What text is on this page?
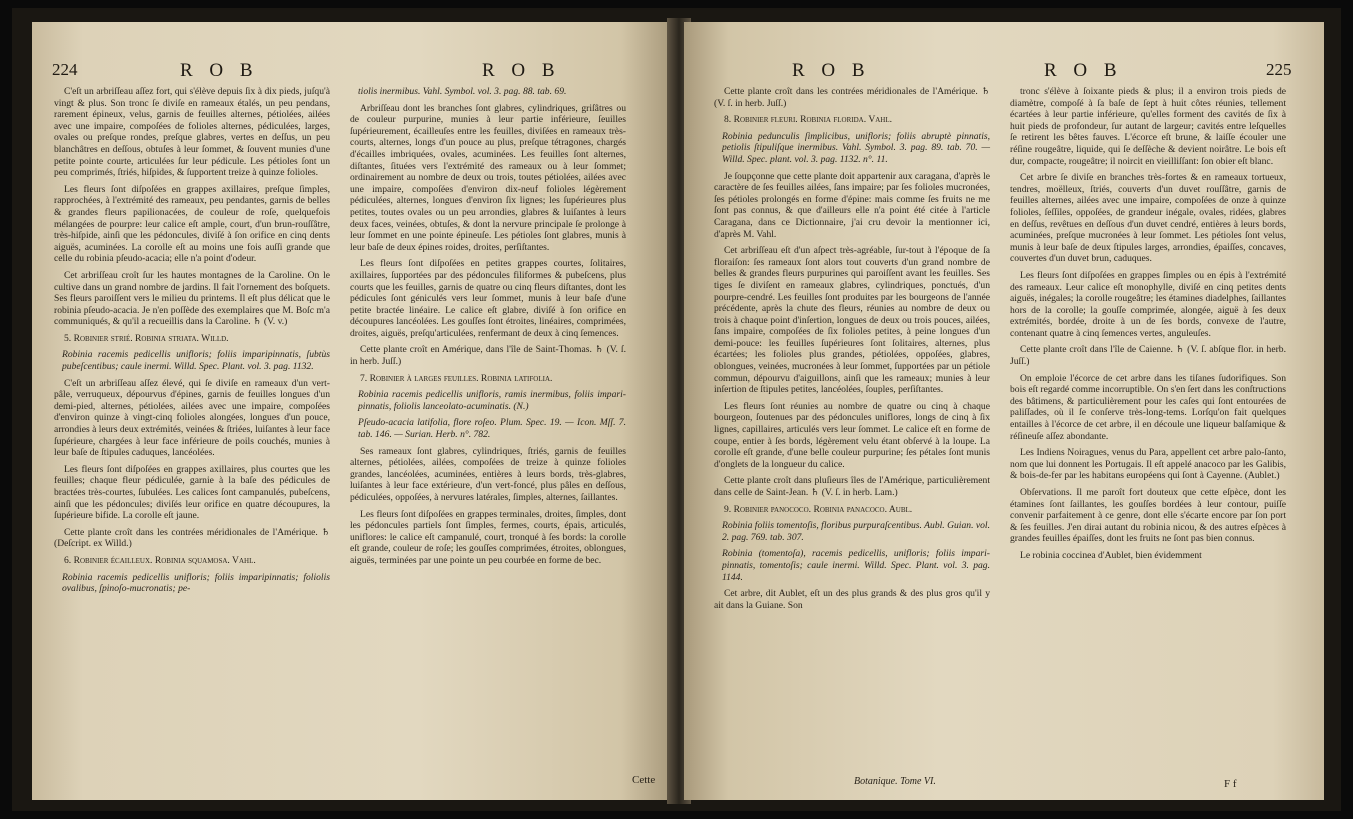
224	R O B	R O B

C'eſt un arbriſſeau aſſez fort, qui s'élève depuis ſix à dix pieds, juſqu'à vingt & plus. Son tronc ſe diviſe en rameaux étalés, un peu pendans, rarement épineux, velus, garnis de feuilles alternes, pétiolées, ailées avec une impaire, compoſées de folioles alternes, pédiculées, larges, ovales ou preſque rondes, preſque glabres, vertes en deſſus, un peu blanchâtres en deſſous, obtuſes à leur ſommet, & ſouvent munies d'une petite pointe courte, articulées ſur leur pédicule. Les pétioles ſont un peu comprimés, ſtriés, hiſpides, & ſupportent treize à quinze folioles.

Les fleurs ſont diſpoſées en grappes axillaires, preſque ſimples, rapprochées, à l'extrémité des rameaux, peu pendantes, garnis de belles & grandes fleurs papilionacées, de couleur de roſe, quelquefois mélangées de pourpre: leur calice eſt ample, court, d'un brun-rouſſâtre, très-hiſpide, ainſi que les pédoncules, diviſé à ſon orifice en cinq dents aiguës, acuminées. La corolle eſt au moins une fois auſſi grande que celle du robinia pſeudo-acacia; elle n'a point d'odeur.

Cet arbriſſeau croît ſur les hautes montagnes de la Caroline. On le cultive dans un grand nombre de jardins. Il fait l'ornement des boſquets. Ses fleurs paroiſſent vers le milieu du printems. Il eſt plus délicat que le robinia pſeudo-acacia. Je n'en poſſède des exemplaires que M. Boſc m'a communiqués, & qu'il a recueillis dans la Caroline. ♄ (V. v.)

5. Robinier ſtrié. Robinia ſtriata. Willd.

Robinia racemis pedicellis unifloris; foliis imparipinnatis, ſubtùs pubeſcentibus; caule inermi. Willd. Spec. Plant. vol. 3. pag. 1132.

C'eſt un arbriſſeau aſſez élevé, qui ſe diviſe en rameaux d'un vert-pâle, verruqueux, dépourvus d'épines, garnis de feuilles longues d'un demi-pied, alternes, pétiolées, ailées avec une impaire, compoſées d'environ quinze à vingt-cinq folioles alongées, longues d'un pouce, arrondies à leurs deux extrémités, veinées & ſtriées, luiſantes à leur face ſupérieure, chargées à leur face inférieure de poils couchés, munies à leur baſe de ſtipules caduques, lancéolées.

Les fleurs ſont diſpoſées en grappes axillaires, plus courtes que les feuilles; chaque fleur pédiculée, garnie à la baſe des pédicules de bractées très-courtes, ſubulées. Les calices ſont campanulés, pubeſcens, ainſi que les pédoncules; diviſés leur orifice en quatre découpures, la ſupérieure bifide. La corolle eſt jaune.

Cette plante croît dans les contrées méridionales de l'Amérique. ♄ (Deſcript. ex Willd.)

6. Robinier écailleux. Robinia ſquamoſa. Vahl.

Robinia racemis pedicellis unifloris; foliis imparipinnatis; foliolis ovalibus, ſpinoſo-mucronatis; pe-

tiolis inermibus. Vahl. Symbol. vol. 3. pag. 88. tab. 69.

Arbriſſeau dont les branches ſont glabres, cylindriques, griſâtres ou de couleur purpurine, munies à leur partie inférieure, ſeuilles ſupérieurement, écailleuſes entre les feuilles, diviſées en rameaux très-courts, alternes, longs d'un pouce au plus, preſque tétragones, chargés d'écailles imbriquées, ovales, acuminées. Les feuilles ſont alternes, diſtantes, ſituées vers l'extrémité des rameaux ou à leur ſommet; ordinairement au nombre de deux ou trois, toutes pétiolées, ailées avec une impaire, compoſées d'environ dix-neuf folioles légèrement pédiculées, alternes, longues d'environ ſix lignes; les ſupérieures plus petites, toutes ovales ou un peu arrondies, glabres & luiſantes à leurs deux faces, veinées, obtuſes, & dont la nervure principale ſe prolonge à leur ſommet en une pointe épineuſe. Les pétioles ſont glabres, munis à leur baſe de deux épines roides, droites, perſiſtantes.

Les fleurs ſont diſpoſées en petites grappes courtes, ſolitaires, axillaires, ſupportées par des pédoncules filiformes & pubeſcens, plus courts que les feuilles, garnis de quatre ou cinq fleurs diſtantes, dont les pédicules ſont géniculés vers leur ſommet, munis à leur baſe d'une petite bractée linéaire. Le calice eſt glabre, diviſé à ſon orifice en découpures lancéolées. Les gouſſes ſont étroites, linéaires, comprimées, droites, aiguës, preſqu'articulées, renfermant de deux à cinq ſemences.

Cette plante croît en Amérique, dans l'île de Saint-Thomas. ♄ (V. ſ. in herb. Juſſ.)

7. Robinier à larges feuilles. Robinia latifolia.

Robinia racemis pedicellis unifloris, ramis inermibus, foliis impari-pinnatis, foliolis lanceolato-acuminatis. (N.)

Pſeudo-acacia latifolia, flore roſeo. Plum. Spec. 19. — Icon. Mſſ. 7. tab. 146. — Surian. Herb. n°. 782.

Ses rameaux ſont glabres, cylindriques, ſtriés, garnis de feuilles alternes, pétiolées, ailées, compoſées de treize à quinze folioles grandes, lancéolées, acuminées, entières à leurs bords, très-glabres, luiſantes à leur face extérieure, d'un vert-foncé, plus pâles en deſſous, pédiculées, oppoſées, à nervures latérales, ſimples, alternes, ſaillantes.

Les fleurs ſont diſpoſées en grappes terminales, droites, ſimples, dont les pédoncules partiels ſont ſimples, fermes, courts, épais, articulés, uniflores: le calice eſt campanulé, court, tronqué à ſes bords: la corolle eſt grande, couleur de roſe; les gouſſes comprimées, étroites, oblongues, aiguës, terminées par une pointe un peu courbée en forme de bec.

Cette
R O B	R O B	225

Cette plante croît dans les contrées méridionales de l'Amérique. ♄ (V. ſ. in herb. Juſſ.)

8. Robinier fleuri. Robinia florida. Vahl.

Robinia pedunculis ſimplicibus, unifloris; foliis abruptè pinnatis, petiolis ſtipuliſque inermibus. Vahl. Symbol. 3. pag. 89. tab. 70. — Willd. Spec. plant. vol. 3. pag. 1132. n°. 11.

Je ſoupçonne que cette plante doit appartenir aux caragana, d'après le caractère de ſes feuilles ailées, ſans impaire; par ſes folioles mucronées, ſes pétioles prolongés en forme d'épine: mais comme ſes fruits ne me ſont pas connus, & que d'ailleurs elle n'a point été citée à l'article Caragana, dans ce Dictionnaire, j'ai cru devoir la mentionner ici, d'après M. Vahl.

Cet arbriſſeau eſt d'un aſpect très-agréable, ſur-tout à l'époque de ſa floraiſon: ſes rameaux ſont alors tout couverts d'un grand nombre de belles & grandes fleurs purpurines qui paroiſſent avant les feuilles. Ses tiges ſe diviſent en rameaux glabres, cylindriques, ponctués, d'un pourpre-cendré. Les feuilles ſont produites par les bourgeons de l'année précédente, après la chute des fleurs, réunies au nombre de deux ou trois à chaque point d'inſertion, longues de deux ou trois pouces, ailées, ſans impaire, compoſées de ſix folioles petites, à peine longues d'un demi-pouce: les feuilles ſupérieures ſont ſolitaires, alternes, plus écartées; les folioles plus grandes, pétiolées, oppoſées, glabres, oblongues, veinées, mucronées à leur ſommet, ſupportées par un pétiole commun, dépourvu d'aiguillons, ainſi que les rameaux; munies à leur inſertion de ſtipules petites, lancéolées, ſouples, perſiſtantes.

Les fleurs ſont réunies au nombre de quatre ou cinq à chaque bourgeon, ſoutenues par des pédoncules uniflores, longs de cinq à ſix lignes, capillaires, articulés vers leur ſommet. Le calice eſt en forme de coupe, entier à ſes bords, légèrement velu étant obſervé à la loupe. La corolle eſt grande, d'une belle couleur purpurine; ſes pétales ſont munis d'onglets de la longueur du calice.

Cette plante croît dans pluſieurs îles de l'Amérique, particulièrement dans celle de Saint-Jean. ♄ (V. ſ. in herb. Lam.)

9. Robinier panococo. Robinia panacoco. Aubl.

Robinia foliis tomentoſis, floribus purpuraſcentibus. Aubl. Guian. vol. 2. pag. 769. tab. 307.

Robinia (tomentoſa), racemis pedicellis, unifloris; foliis impari-pinnatis, tomentoſis; caule inermi. Willd. Spec. Plant. vol. 3. pag. 1144.

Cet arbre, dit Aublet, eſt un des plus grands & des plus gros qu'il y ait dans la Guiane. Son

tronc s'élève à ſoixante pieds & plus; il a environ trois pieds de diamètre, compoſé à ſa baſe de ſept à huit côtes réunies, tellement écartées à leur partie inférieure, qu'elles forment des cavités de ſix à huit pieds de profondeur, ſur autant de largeur; cavités entre leſquelles ſe retirent les bêtes fauves. L'écorce eſt brune, & laiſſe écouler une réſine rougeâtre, liquide, qui ſe deſſèche & devient noirâtre. Le bois eſt dur, compacte, rougeâtre; il noircit en vieilliſſant: ſon obier eſt blanc.

Cet arbre ſe diviſe en branches très-fortes & en rameaux tortueux, tendres, moëlleux, ſtriés, couverts d'un duvet rouſſâtre, garnis de feuilles alternes, ailées avec une impaire, compoſées de onze à quinze folioles, ſeſſiles, oppoſées, de grandeur inégale, ovales, ridées, glabres en deſſus, revêtues en deſſous d'un duvet cendré, entières à leurs bords, acuminées, preſque mucronées à leur ſommet. Les pétioles ſont velus, munis à leur baſe de deux ſtipules larges, arrondies, épaiſſes, concaves, couvertes d'un duvet brun, caduques.

Les fleurs ſont diſpoſées en grappes ſimples ou en épis à l'extrémité des rameaux. Leur calice eſt monophylle, diviſé en cinq petites dents aiguës, inégales; la corolle rougeâtre; les étamines diadelphes, ſaillantes hors de la corolle; la gouſſe comprimée, alongée, aiguë à ſes deux extrémités, bordée, droite à un de ſes bords, convexe de l'autre, contenant quatre à cinq ſemences vertes, anguleuſes.

Cette plante croît dans l'île de Caienne. ♄ (V. ſ. abſque flor. in herb. Juſſ.)

On emploie l'écorce de cet arbre dans les tiſanes ſudorifiques. Son bois eſt regardé comme incorruptible. On s'en ſert dans les conſtructions des bâtimens, & particulièrement pour les caſes qui ſont entourées de paliſſades, où il ſe conſerve très-long-tems. Lorſqu'on fait quelques entailles à l'écorce de cet arbre, il en découle une liqueur balſamique & réſineuſe aſſez abondante.

Les Indiens Noiragues, venus du Para, appellent cet arbre palo-ſanto, nom que lui donnent les Portugais. Il eſt appelé anacoco par les Galibis, & bois-de-fer par les habitans européens qui ſont à Cayenne. (Aublet.)

Obſervations. Il me paroît fort douteux que cette eſpèce, dont les étamines ſont ſaillantes, les gouſſes bordées à leur contour, puiſſe convenir parfaitement à ce genre, dont elle s'écarte encore par ſon port & ſes feuilles. J'en dirai autant du robinia nicou, & des autres eſpèces à grandes feuilles épaiſſes, dont les fruits ne ſont pas bien connus.

Le robinia coccinea d'Aublet, bien évidemment

Botanique. Tome VI.	F f
